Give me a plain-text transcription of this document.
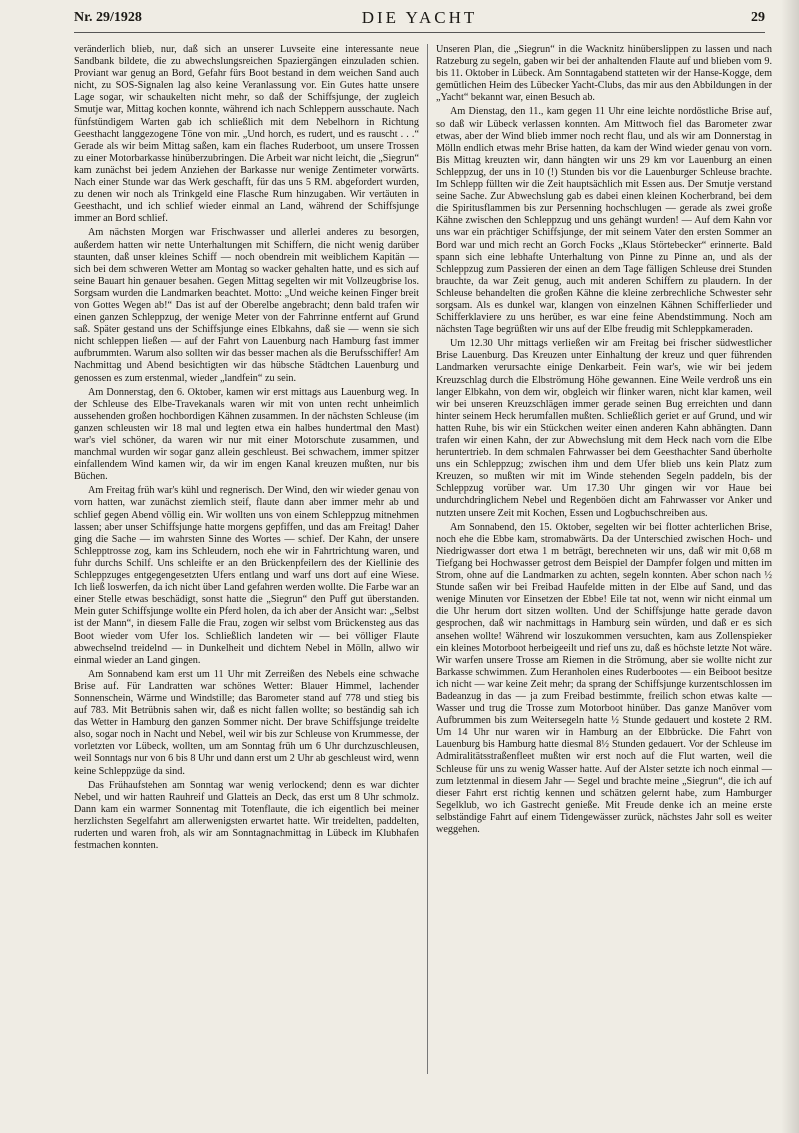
Nr. 29/1928	DIE YACHT	29

veränderlich blieb, nur, daß sich an unserer Luvseite eine interessante neue Sandbank bildete, die zu abwechslungsreichen Spaziergängen einzuladen schien. Proviant war genug an Bord, Gefahr fürs Boot bestand in dem weichen Sand auch nicht, zu SOS-Signalen lag also keine Veranlassung vor. Ein Gutes hatte unsere Lage sogar, wir schaukelten nicht mehr, so daß der Schiffsjunge, der zugleich Smutje war, Mittag kochen konnte, während ich nach Schleppern ausschaute. Nach fünfstündigem Warten gab ich schließlich mit dem Nebelhorn in Richtung Geesthacht langgezogene Töne von mir. „Und horch, es rudert, und es rauscht . . .“ Gerade als wir beim Mittag saßen, kam ein flaches Ruderboot, um unsere Trossen zu einer Motorbarkasse hinüberzubringen. Die Arbeit war nicht leicht, die „Siegrun“ kam zunächst bei jedem Anziehen der Barkasse nur wenige Zentimeter vorwärts. Nach einer Stunde war das Werk geschafft, für das uns 5 RM. abgefordert wurden, zu denen wir noch als Trinkgeld eine Flasche Rum hinzugaben. Wir vertäuten in Geesthacht, und ich schlief wieder einmal an Land, während der Schiffsjunge immer an Bord schlief.

Am nächsten Morgen war Frischwasser und allerlei anderes zu besorgen, außerdem hatten wir nette Unterhaltungen mit Schiffern, die nicht wenig darüber staunten, daß unser kleines Schiff — noch obendrein mit weiblichem Kapitän — sich bei dem schweren Wetter am Montag so wacker gehalten hatte, und es sich auf seine Bauart hin genauer besahen. Gegen Mittag segelten wir mit Vollzeugbrise los. Sorgsam wurden die Landmarken beachtet. Motto: „Und weiche keinen Finger breit von Gottes Wegen ab!“ Das ist auf der Oberelbe angebracht; denn bald trafen wir einen ganzen Schleppzug, der wenige Meter von der Fahrrinne entfernt auf Grund saß. Später gestand uns der Schiffsjunge eines Elbkahns, daß sie — wenn sie sich nicht schleppen ließen — auf der Fahrt von Lauenburg nach Hamburg fast immer aufbrummten. Warum also sollten wir das besser machen als die Berufsschiffer! Am Nachmittag und Abend besichtigten wir das hübsche Städtchen Lauenburg und genossen es zum erstenmal, wieder „landfein“ zu sein.

Am Donnerstag, den 6. Oktober, kamen wir erst mittags aus Lauenburg weg. In der Schleuse des Elbe-Travekanals waren wir mit von unten recht unheimlich aussehenden großen hochbordigen Kähnen zusammen. In der nächsten Schleuse (im ganzen schleusten wir 18 mal und legten etwa ein halbes hundertmal den Mast) war's viel schöner, da waren wir nur mit einer Motorschute zusammen, und manchmal wurden wir sogar ganz allein geschleust. Bei schwachem, immer spitzer einfallendem Wind kamen wir, da wir im engen Kanal kreuzen mußten, nur bis Büchen.

Am Freitag früh war's kühl und regnerisch. Der Wind, den wir wieder genau von vorn hatten, war zunächst ziemlich steif, flaute dann aber immer mehr ab und schlief gegen Abend völlig ein. Wir wollten uns von einem Schleppzug mitnehmen lassen; aber unser Schiffsjunge hatte morgens gepfiffen, und das am Freitag! Daher ging die Sache — im wahrsten Sinne des Wortes — schief. Der Kahn, der unsere Schlepptrosse zog, kam ins Schleudern, noch ehe wir in Fahrtrichtung waren, und fuhr durchs Schilf. Uns schleifte er an den Brückenpfeilern des der Kiellinie des Schleppzuges entgegengesetzten Ufers entlang und warf uns dort auf eine Wiese. Ich ließ loswerfen, da ich nicht über Land gefahren werden wollte. Die Farbe war an einer Stelle etwas beschädigt, sonst hatte die „Siegrun“ den Puff gut überstanden. Mein guter Schiffsjunge wollte ein Pferd holen, da ich aber der Ansicht war: „Selbst ist der Mann“, in diesem Falle die Frau, zogen wir selbst vom Brückensteg aus das Boot wieder vom Ufer los. Schließlich landeten wir — bei völliger Flaute abwechselnd treidelnd — in Dunkelheit und dichtem Nebel in Mölln, allwo wir einmal wieder an Land gingen.

Am Sonnabend kam erst um 11 Uhr mit Zerreißen des Nebels eine schwache Brise auf. Für Landratten war schönes Wetter: Blauer Himmel, lachender Sonnenschein, Wärme und Windstille; das Barometer stand auf 778 und stieg bis auf 783. Mit Betrübnis sahen wir, daß es nicht fallen wollte; so beständig sah ich das Wetter in Hamburg den ganzen Sommer nicht. Der brave Schiffsjunge treidelte also, sogar noch in Nacht und Nebel, weil wir bis zur Schleuse von Krummesse, der vorletzten vor Lübeck, wollten, um am Sonntag früh um 6 Uhr durchzuschleusen, weil Sonntags nur von 6 bis 8 Uhr und dann erst um 2 Uhr ab geschleust wird, wenn keine Schleppzüge da sind.

Das Frühaufstehen am Sonntag war wenig verlockend; denn es war dichter Nebel, und wir hatten Rauhreif und Glatteis an Deck, das erst um 8 Uhr schmolz. Dann kam ein warmer Sonnentag mit Totenflaute, die ich eigentlich bei meiner herzlichsten Segelfahrt am allerwenigsten erwartet hatte. Wir treidelten, paddelten, ruderten und waren froh, als wir am Sonntagnachmittag in Lübeck im Klubhafen festmachen konnten.

Unseren Plan, die „Siegrun“ in die Wacknitz hinüberslippen zu lassen und nach Ratzeburg zu segeln, gaben wir bei der anhaltenden Flaute auf und blieben vom 9. bis 11. Oktober in Lübeck. Am Sonntagabend statteten wir der Hanse-Kogge, dem gemütlichen Heim des Lübecker Yacht-Clubs, das mir aus den Abbildungen in der „Yacht“ bekannt war, einen Besuch ab.

Am Dienstag, den 11., kam gegen 11 Uhr eine leichte nordöstliche Brise auf, so daß wir Lübeck verlassen konnten. Am Mittwoch fiel das Barometer zwar etwas, aber der Wind blieb immer noch recht flau, und als wir am Donnerstag in Mölln endlich etwas mehr Brise hatten, da kam der Wind wieder genau von vorn. Bis Mittag kreuzten wir, dann hängten wir uns 29 km vor Lauenburg an einen Schleppzug, der uns in 10 (!) Stunden bis vor die Lauenburger Schleuse brachte. Im Schlepp füllten wir die Zeit hauptsächlich mit Essen aus. Der Smutje verstand seine Sache. Zur Abwechslung gab es dabei einen kleinen Kocherbrand, bei dem die Spiritusflammen bis zur Persenning hochschlugen — gerade als zwei große Kähne zwischen den Schleppzug und uns gehängt wurden! — Auf dem Kahn vor uns war ein prächtiger Schiffsjunge, der mit seinem Vater den ersten Sommer an Bord war und mich recht an Gorch Focks „Klaus Störtebecker“ erinnerte. Bald spann sich eine lebhafte Unterhaltung von Pinne zu Pinne an, und als der Schleppzug zum Passieren der einen an dem Tage fälligen Schleuse drei Stunden brauchte, da war Zeit genug, auch mit anderen Schiffern zu plaudern. In der Schleuse behandelten die großen Kähne die kleine zerbrechliche Schwester sehr sorgsam. Als es dunkel war, klangen von einzelnen Kähnen Schifferlieder und Schifferklaviere zu uns herüber, es war eine feine Abendstimmung. Noch am nächsten Tage begrüßten wir uns auf der Elbe freudig mit Schleppkameraden.

Um 12.30 Uhr mittags verließen wir am Freitag bei frischer südwestlicher Brise Lauenburg. Das Kreuzen unter Einhaltung der kreuz und quer führenden Landmarken verursachte einige Denkarbeit. Fein war's, wie wir bei jedem Kreuzschlag durch die Elbströmung Höhe gewannen. Eine Weile verdroß uns ein langer Elbkahn, von dem wir, obgleich wir flinker waren, nicht klar kamen, weil wir bei unseren Kreuzschlägen immer gerade seinen Bug erreichten und dann hinter seinem Heck herumfallen mußten. Schließlich geriet er auf Grund, und wir hatten Ruhe, bis wir ein Stückchen weiter einen anderen Kahn abhängten. Dann trafen wir einen Kahn, der zur Abwechslung mit dem Heck nach vorn die Elbe heruntertrieb. In dem schmalen Fahrwasser bei dem Geesthachter Sand überholte uns ein Schleppzug; zwischen ihm und dem Ufer blieb uns kein Platz zum Kreuzen, so mußten wir mit im Winde stehenden Segeln paddeln, bis der Schleppzug vorüber war. Um 17.30 Uhr gingen wir vor Haue bei undurchdringlichem Nebel und Regenböen dicht am Fahrwasser vor Anker und nutzten unsere Zeit mit Kochen, Essen und Logbuchschreiben aus.

Am Sonnabend, den 15. Oktober, segelten wir bei flotter achterlichen Brise, noch ehe die Ebbe kam, stromabwärts. Da der Unterschied zwischen Hoch- und Niedrigwasser dort etwa 1 m beträgt, berechneten wir uns, daß wir mit 0,68 m Tiefgang bei Hochwasser getrost dem Beispiel der Dampfer folgen und mitten im Strom, ohne auf die Landmarken zu achten, segeln konnten. Aber schon nach ½ Stunde saßen wir bei Freibad Haufelde mitten in der Elbe auf Sand, und das wenige Minuten vor Einsetzen der Ebbe! Eile tat not, wenn wir nicht einmal um die Uhr herum dort sitzen wollten. Und der Schiffsjunge hatte gerade davon gesprochen, daß wir nachmittags in Hamburg sein würden, und daß er es sich ansehen wollte! Während wir loszukommen versuchten, kam aus Zollenspieker ein kleines Motorboot herbeigeeilt und rief uns zu, daß es höchste letzte Not wäre. Wir warfen unsere Trosse am Riemen in die Strömung, aber sie wollte nicht zur Barkasse schwimmen. Zum Heranholen eines Ruderbootes — ein Beiboot besitze ich nicht — war keine Zeit mehr; da sprang der Schiffsjunge kurzentschlossen im Badeanzug in das — ja zum Freibad bestimmte, freilich schon etwas kalte — Wasser und trug die Trosse zum Motorboot hinüber. Das ganze Manöver vom Aufbrummen bis zum Weitersegeln hatte ½ Stunde gedauert und kostete 2 RM. Um 14 Uhr nur waren wir in Hamburg an der Elbbrücke. Die Fahrt von Lauenburg bis Hamburg hatte diesmal 8½ Stunden gedauert. Vor der Schleuse im Admiralitätsstraßenfleet mußten wir erst noch auf die Flut warten, weil die Schleuse für uns zu wenig Wasser hatte. Auf der Alster setzte ich noch einmal — zum letztenmal in diesem Jahr — Segel und brachte meine „Siegrun“, die ich auf dieser Fahrt erst richtig kennen und schätzen gelernt habe, zum Hamburger Segelklub, wo ich Gastrecht genieße. Mit Freude denke ich an meine erste selbständige Fahrt auf einem Tidengewässer zurück, nächstes Jahr soll es weiter weggehen.
